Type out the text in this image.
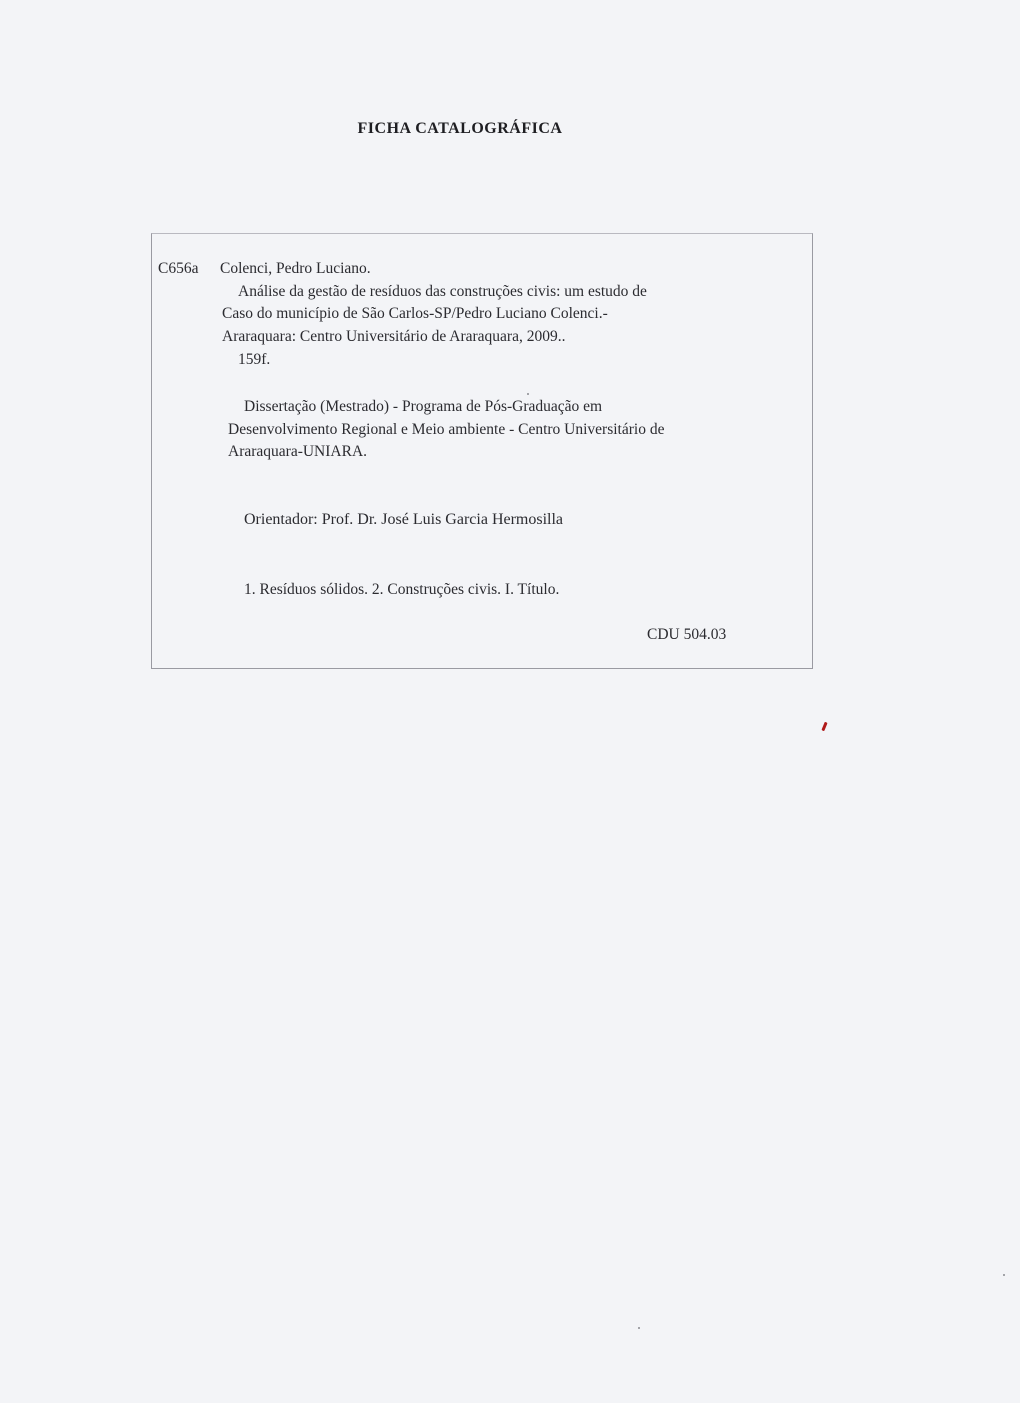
FICHA CATALOGRÁFICA
C656a Colenci, Pedro Luciano.
Análise da gestão de resíduos das construções civis: um estudo de
Caso do município de São Carlos-SP/Pedro Luciano Colenci.-
Araraquara: Centro Universitário de Araraquara, 2009..
159f.
Dissertação (Mestrado) - Programa de Pós-Graduação em
Desenvolvimento Regional e Meio ambiente - Centro Universitário de
Araraquara-UNIARA.
Orientador: Prof. Dr. José Luis Garcia Hermosilla
1. Resíduos sólidos. 2. Construções civis. I. Título.
CDU 504.03
